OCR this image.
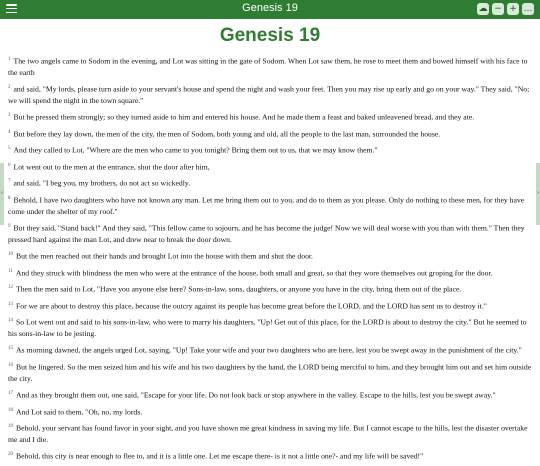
Genesis 19	☁ − + …
Genesis 19

$^1$ The two angels came to Sodom in the evening, and Lot was sitting in the gate of Sodom. When Lot saw them, he rose to meet them and bowed himself with his face to the earth

$^2$ and said, "My lords, please turn aside to your servant's house and spend the night and wash your feet. Then you may rise up early and go on your way." They said, "No; we will spend the night in the town square."

$^3$ But he pressed them strongly; so they turned aside to him and entered his house. And he made them a feast and baked unleavened bread, and they ate.

$^4$ But before they lay down, the men of the city, the men of Sodom, both young and old, all the people to the last man, surrounded the house.

$^5$ And they called to Lot, "Where are the men who came to you tonight? Bring them out to us, that we may know them."

$^6$ Lot went out to the men at the entrance, shut the door after him,

$^7$ and said, "I beg you, my brothers, do not act so wickedly.

$^8$ Behold, I have two daughters who have not known any man. Let me bring them out to you, and do to them as you please. Only do nothing to these men, for they have come under the shelter of my roof."

$^9$ But they said, "Stand back!" And they said, "This fellow came to sojourn, and he has become the judge! Now we will deal worse with you than with them." Then they pressed hard against the man Lot, and drew near to break the door down.

$^{10}$ But the men reached out their hands and brought Lot into the house with them and shut the door.

$^{11}$ And they struck with blindness the men who were at the entrance of the house, both small and great, so that they wore themselves out groping for the door.

$^{12}$ Then the men said to Lot, "Have you anyone else here? Sons-in-law, sons, daughters, or anyone you have in the city, bring them out of the place.

$^{13}$ For we are about to destroy this place, because the outcry against its people has become great before the LORD, and the LORD has sent us to destroy it."

$^{14}$ So Lot went out and said to his sons-in-law, who were to marry his daughters, "Up! Get out of this place, for the LORD is about to destroy the city." But he seemed to his sons-in-law to be jesting.

$^{15}$ As morning dawned, the angels urged Lot, saying, "Up! Take your wife and your two daughters who are here, lest you be swept away in the punishment of the city."

$^{16}$ But he lingered. So the men seized him and his wife and his two daughters by the hand, the LORD being merciful to him, and they brought him out and set him outside the city.

$^{17}$ And as they brought them out, one said, "Escape for your life. Do not look back or stop anywhere in the valley. Escape to the hills, lest you be swept away."

$^{18}$ And Lot said to them, "Oh, no, my lords.

$^{19}$ Behold, your servant has found favor in your sight, and you have shown me great kindness in saving my life. But I cannot escape to the hills, lest the disaster overtake me and I die.

$^{20}$ Behold, this city is near enough to flee to, and it is a little one. Let me escape there- is it not a little one?- and my life will be saved!"

‹	›
